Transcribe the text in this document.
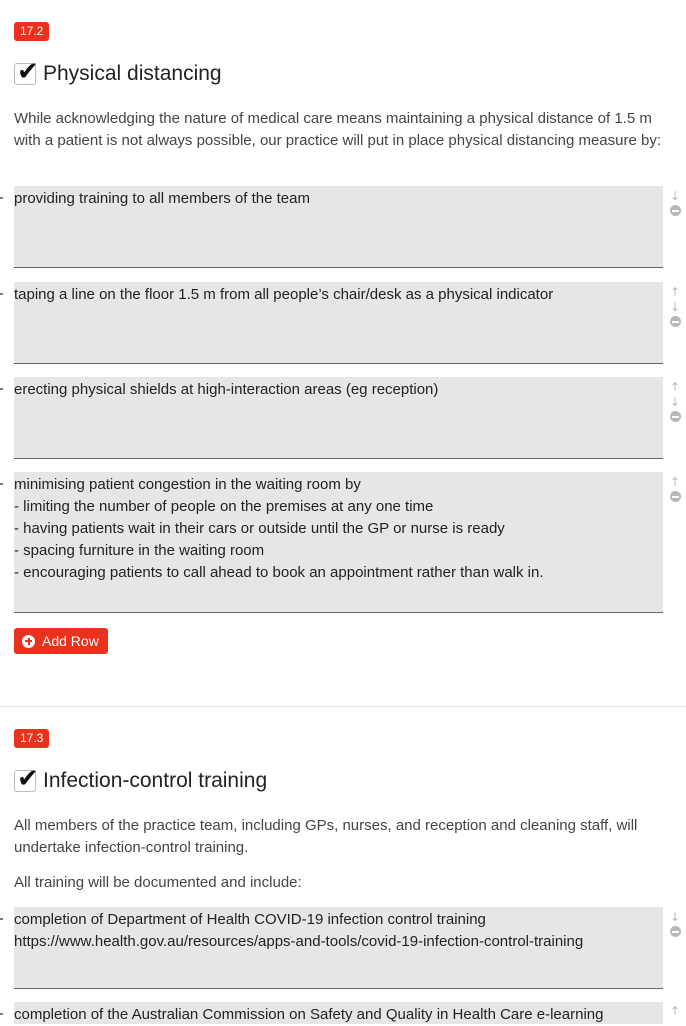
17.2
✔ Physical distancing
While acknowledging the nature of medical care means maintaining a physical distance of 1.5 m with a patient is not always possible, our practice will put in place physical distancing measure by:
providing training to all members of the team	↓
taping a line on the floor 1.5 m from all people’s chair/desk as a physical indicator	↑
↓
erecting physical shields at high-interaction areas (eg reception)	↑
↓
minimising patient congestion in the waiting room by
- limiting the number of people on the premises at any one time
- having patients wait in their cars or outside until the GP or nurse is ready
- spacing furniture in the waiting room
- encouraging patients to call ahead to book an appointment rather than walk in.
↑
Add Row
17.3
✔ Infection-control training
All members of the practice team, including GPs, nurses, and reception and cleaning staff, will undertake infection-control training.
All training will be documented and include:
completion of Department of Health COVID-19 infection control training
https://www.health.gov.au/resources/apps-and-tools/covid-19-infection-control-training
↓
completion of the Australian Commission on Safety and Quality in Health Care e-learning	↑
